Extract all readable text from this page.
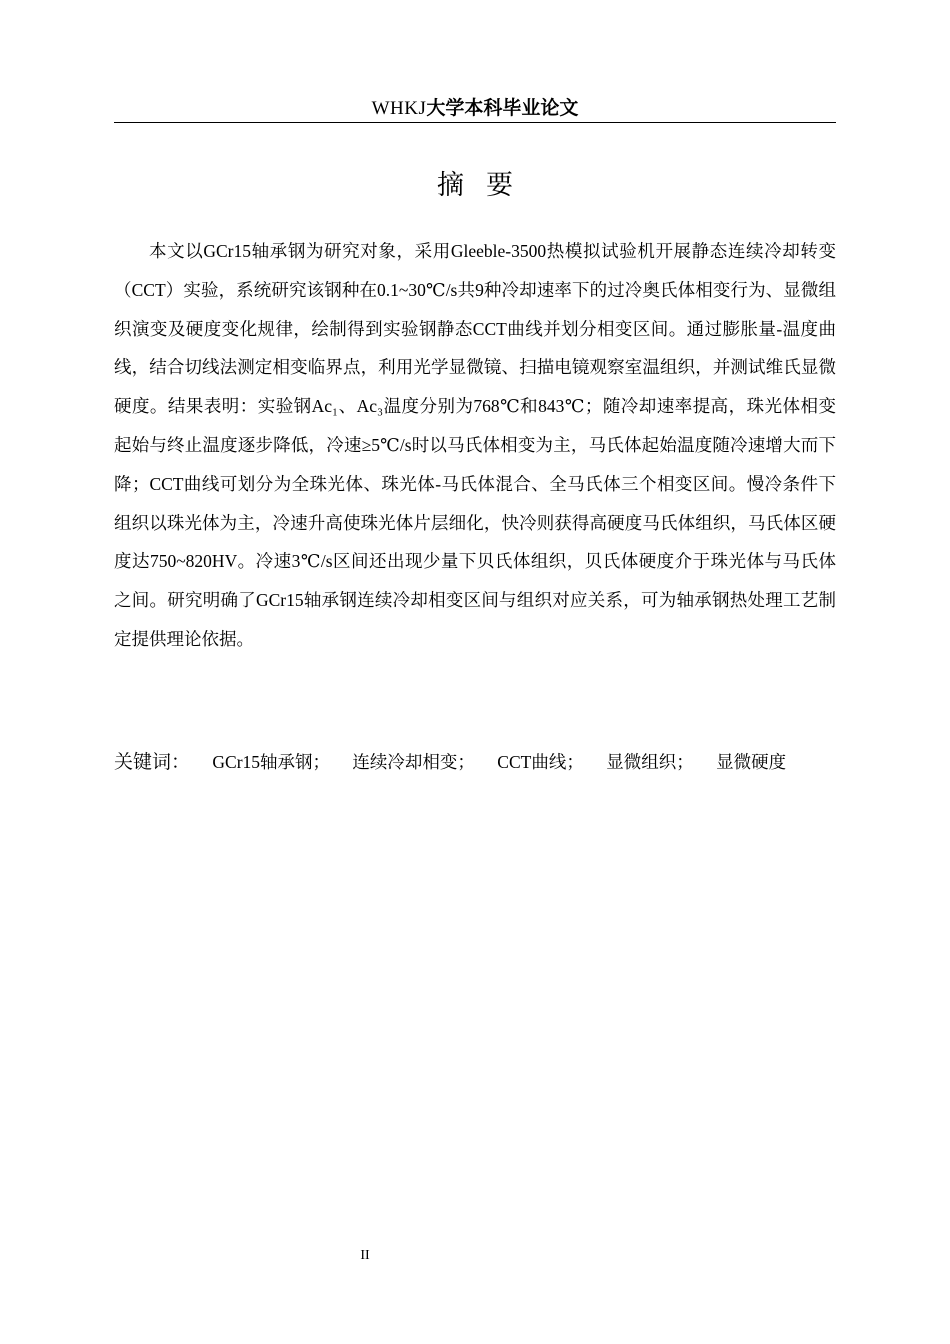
WHKJ大学本科毕业论文
摘要

本文以GCr15轴承钢为研究对象，采用Gleeble-3500热模拟试验机开展静态连续冷却转变（CCT）实验，系统研究该钢种在0.1~30℃/s共9种冷却速率下的过冷奥氏体相变行为、显微组织演变及硬度变化规律，绘制得到实验钢静态CCT曲线并划分相变区间。通过膨胀量-温度曲线，结合切线法测定相变临界点，利用光学显微镜、扫描电镜观察室温组织，并测试维氏显微硬度。结果表明：实验钢Ac₁、Ac₃温度分别为768℃和843℃；随冷却速率提高，珠光体相变起始与终止温度逐步降低，冷速≥5℃/s时以马氏体相变为主，马氏体起始温度随冷速增大而下降；CCT曲线可划分为全珠光体、珠光体-马氏体混合、全马氏体三个相变区间。慢冷条件下组织以珠光体为主，冷速升高使珠光体片层细化，快冷则获得高硬度马氏体组织，马氏体区硬度达750~820HV。冷速3℃/s区间还出现少量下贝氏体组织，贝氏体硬度介于珠光体与马氏体之间。研究明确了GCr15轴承钢连续冷却相变区间与组织对应关系，可为轴承钢热处理工艺制定提供理论依据。

关键词： GCr15轴承钢； 连续冷却相变； CCT曲线； 显微组织； 显微硬度
II
